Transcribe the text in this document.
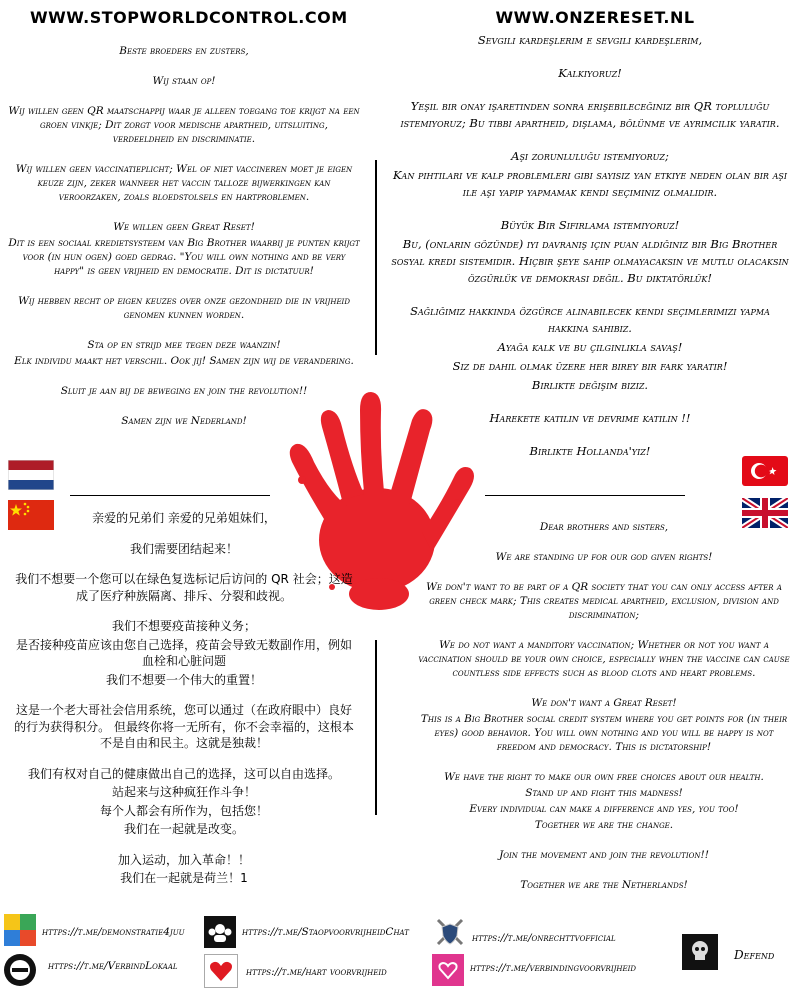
WWW.STOPWORLDCONTROL.COM	WWW.ONZERESET.NL

Beste broeders en zusters,

Wij staan op!

Wij willen geen QR maatschappij waar je alleen toegang toe krijgt na een groen vinkje; Dit zorgt voor medische apartheid, uitsluiting, verdeeldheid en discriminatie.

Wij willen geen vaccinatieplicht; Wel of niet vaccineren moet je eigen keuze zijn, zeker wanneer het vaccin talloze bijwerkingen kan veroorzaken, zoals bloedstolsels en hartproblemen.

We willen geen Great Reset!

Dit is een sociaal kredietsysteem van Big Brother waarbij je punten krijgt voor (in hun ogen) goed gedrag. "You will own nothing and be very happy" is geen vrijheid en democratie. Dit is dictatuur!

Wij hebben recht op eigen keuzes over onze gezondheid die in vrijheid genomen kunnen worden.

Sta op en strijd mee tegen deze waanzin!

Elk individu maakt het verschil. Ook jij! Samen zijn wij de verandering.

Sluit je aan bij de beweging en join the revolution!!

Samen zijn we Nederland!

Sevgili kardeşlerim e sevgili kardeşlerim,

Kalkıyoruz!

Yeşil bir onay işaretinden sonra erişebileceğiniz bir QR topluluğu istemiyoruz; Bu tıbbi apartheid, dışlama, bölünme ve ayrımcılık yaratır.

Aşı zorunluluğu istemiyoruz;

Kan pıhtıları ve kalp problemleri gibi sayısız yan etkiye neden olan bir aşı ile aşı yapıp yapmamak kendi seçiminiz olmalıdır.

Büyük Bir Sıfırlama istemiyoruz!

Bu, (onların gözünde) iyi davranış için puan aldığınız bir Big Brother sosyal kredi sistemidir. Hiçbir şeye sahip olmayacaksın ve mutlu olacaksın özgürlük ve demokrası değil. Bu diktatörlük!

Sağlığımız hakkında özgürce alınabilecek kendi seçimlerimizi yapma hakkına sahibiz.

Ayağa kalk ve bu çılgınlıkla savaş!

Siz de dahil olmak üzere her birey bir fark yaratır!

Birlikte değişim biziz.

Harekete katılın ve devrime katılın !!

Birlikte Hollanda'yız!

亲爱的兄弟们 亲爱的兄弟姐妹们，

我们需要团结起来！

我们不想要一个您可以在绿色复选标记后访问的 QR 社会；这造成了医疗种族隔离、排斥、分裂和歧视。

我们不想要疫苗接种义务；

是否接种疫苗应该由您自己选择，疫苗会导致无数副作用，例如血栓和心脏问题

我们不想要一个伟大的重置！

这是一个老大哥社会信用系统，您可以通过（在政府眼中）良好的行为获得积分。 但最终你将一无所有，你不会幸福的，这根本不是自由和民主。这就是独裁！

我们有权对自己的健康做出自己的选择，这可以自由选择。

站起来与这种疯狂作斗争！

每个人都会有所作为，包括您！

我们在一起就是改变。

加入运动，加入革命！！

我们在一起就是荷兰！1

Dear brothers and sisters,

We are standing up for our god given rights!

We don't want to be part of a QR society that you can only access after a green check mark; This creates medical apartheid, exclusion, division and discrimination;

We do not want a manditory vaccination; Whether or not you want a vaccination should be your own choice, especially when the vaccine can cause countless side effects such as blood clots and heart problems.

We don't want a Great Reset!

This is a Big Brother social credit system where you get points for (in their eyes) good behavior. You will own nothing and you will be happy is not freedom and democracy. This is dictatorship!

We have the right to make our own free choices about our health.

Stand up and fight this madness!

Every individual can make a difference and yes, you too!

Together we are the change.

Join the movement and join the revolution!!

Together we are the Netherlands!

https://t.me/demonstratie4juu	https://t.me/StaopvoorvrijheidChat	https://t.me/onrechttvofficial
Defend
https://t.me/VerbindLokaal	https://t.me/hart voorvrijheid	https://t.me/verbindingvoorvrijheid
